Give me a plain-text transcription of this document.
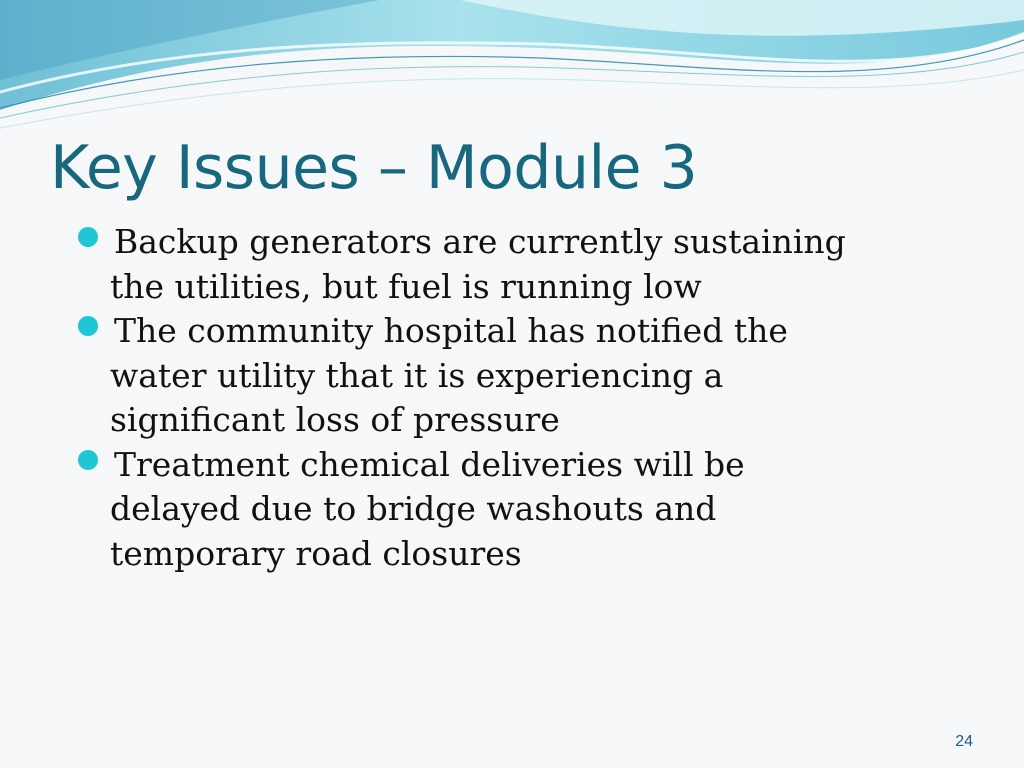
Key Issues – Module 3
Backup generators are currently sustaining the utilities, but fuel is running low
The community hospital has notified the water utility that it is experiencing a significant loss of pressure
Treatment chemical deliveries will be delayed due to bridge washouts and temporary road closures
24
